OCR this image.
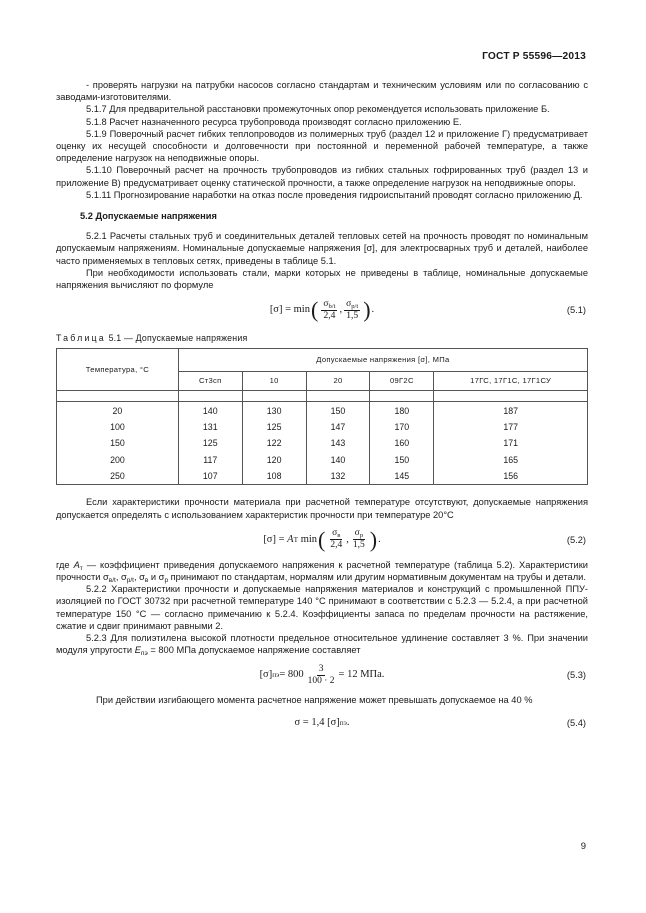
ГОСТ Р 55596—2013

- проверять нагрузки на патрубки насосов согласно стандартам и техническим условиям или по согласованию с заводами-изготовителями.

5.1.7 Для предварительной расстановки промежуточных опор рекомендуется использовать приложение Б.

5.1.8 Расчет назначенного ресурса трубопровода производят согласно приложению Е.

5.1.9 Поверочный расчет гибких теплопроводов из полимерных труб (раздел 12 и приложение Г) предусматривает оценку их несущей способности и долговечности при постоянной и переменной рабочей температуре, а также определение нагрузок на неподвижные опоры.

5.1.10 Поверочный расчет на прочность трубопроводов из гибких стальных гофрированных труб (раздел 13 и приложение В) предусматривает оценку статической прочности, а также определение нагрузок на неподвижные опоры.

5.1.11 Прогнозирование наработки на отказ после проведения гидроиспытаний проводят согласно приложению Д.

5.2 Допускаемые напряжения

5.2.1 Расчеты стальных труб и соединительных деталей тепловых сетей на прочность проводят по номинальным допускаемым напряжениям. Номинальные допускаемые напряжения [σ], для электросварных труб и деталей, наиболее часто применяемых в тепловых сетях, приведены в таблице 5.1.

При необходимости использовать стали, марки которых не приведены в таблице, номинальные допускаемые напряжения вычисляют по формуле

[σ] = min ( $\frac{\sigma_{b/t}}{2,4}$ , $\frac{\sigma_{p/t}}{1,5}$ ) .	(5.1)
Таблица 5.1 — Допускаемые напряжения
Температура, °С	Допускаемые напряжения [σ], МПа				
	Ст3сп	10	20	09Г2С	17ГС, 17Г1С, 17Г1СУ

20	140	130	150	180	187
100	131	125	147	170	177
150	125	122	143	160	171
200	117	120	140	150	165
250	107	108	132	145	156

Если характеристики прочности материала при расчетной температуре отсутствуют, допускаемые напряжения допускается определять с использованием характеристик прочности при температуре 20°С

[σ] =
A T
min ( $\frac{\sigma_в}{2,4}$ , $\frac{\sigma_p}{1,5}$ ) .	(5.2)

где $A_т$ — коэффициент приведения допускаемого напряжения к расчетной температуре (таблица 5.2). Характеристики прочности $\sigma_{в/t}$, $\sigma_{p/t}$, $\sigma_в$ и $\sigma_p$ принимают по стандартам, нормалям или другим нормативным документам на трубы и детали.

5.2.2 Характеристики прочности и допускаемые напряжения материалов и конструкций с промышленной ППУ-изоляцией по ГОСТ 30732 при расчетной температуре 140 °С принимают в соответствии с 5.2.3 — 5.2.4, а при расчетной температуре 150 °С — согласно примечанию к 5.2.4. Коэффициенты запаса по пределам прочности на растяжение, сжатие и сдвиг принимают равными 2.

5.2.3 Для полиэтилена высокой плотности предельное относительное удлинение составляет 3 %. При значении модуля упругости $E_{пэ} = 800$ МПа допускаемое напряжение составляет

[σ] пэ = $800 \frac{3}{100 \cdot 2} = 12$ МПа.	(5.3)

При действии изгибающего момента расчетное напряжение может превышать допускаемое на 40 %

σ = 1,4 [σ] пэ .	(5.4)
9
